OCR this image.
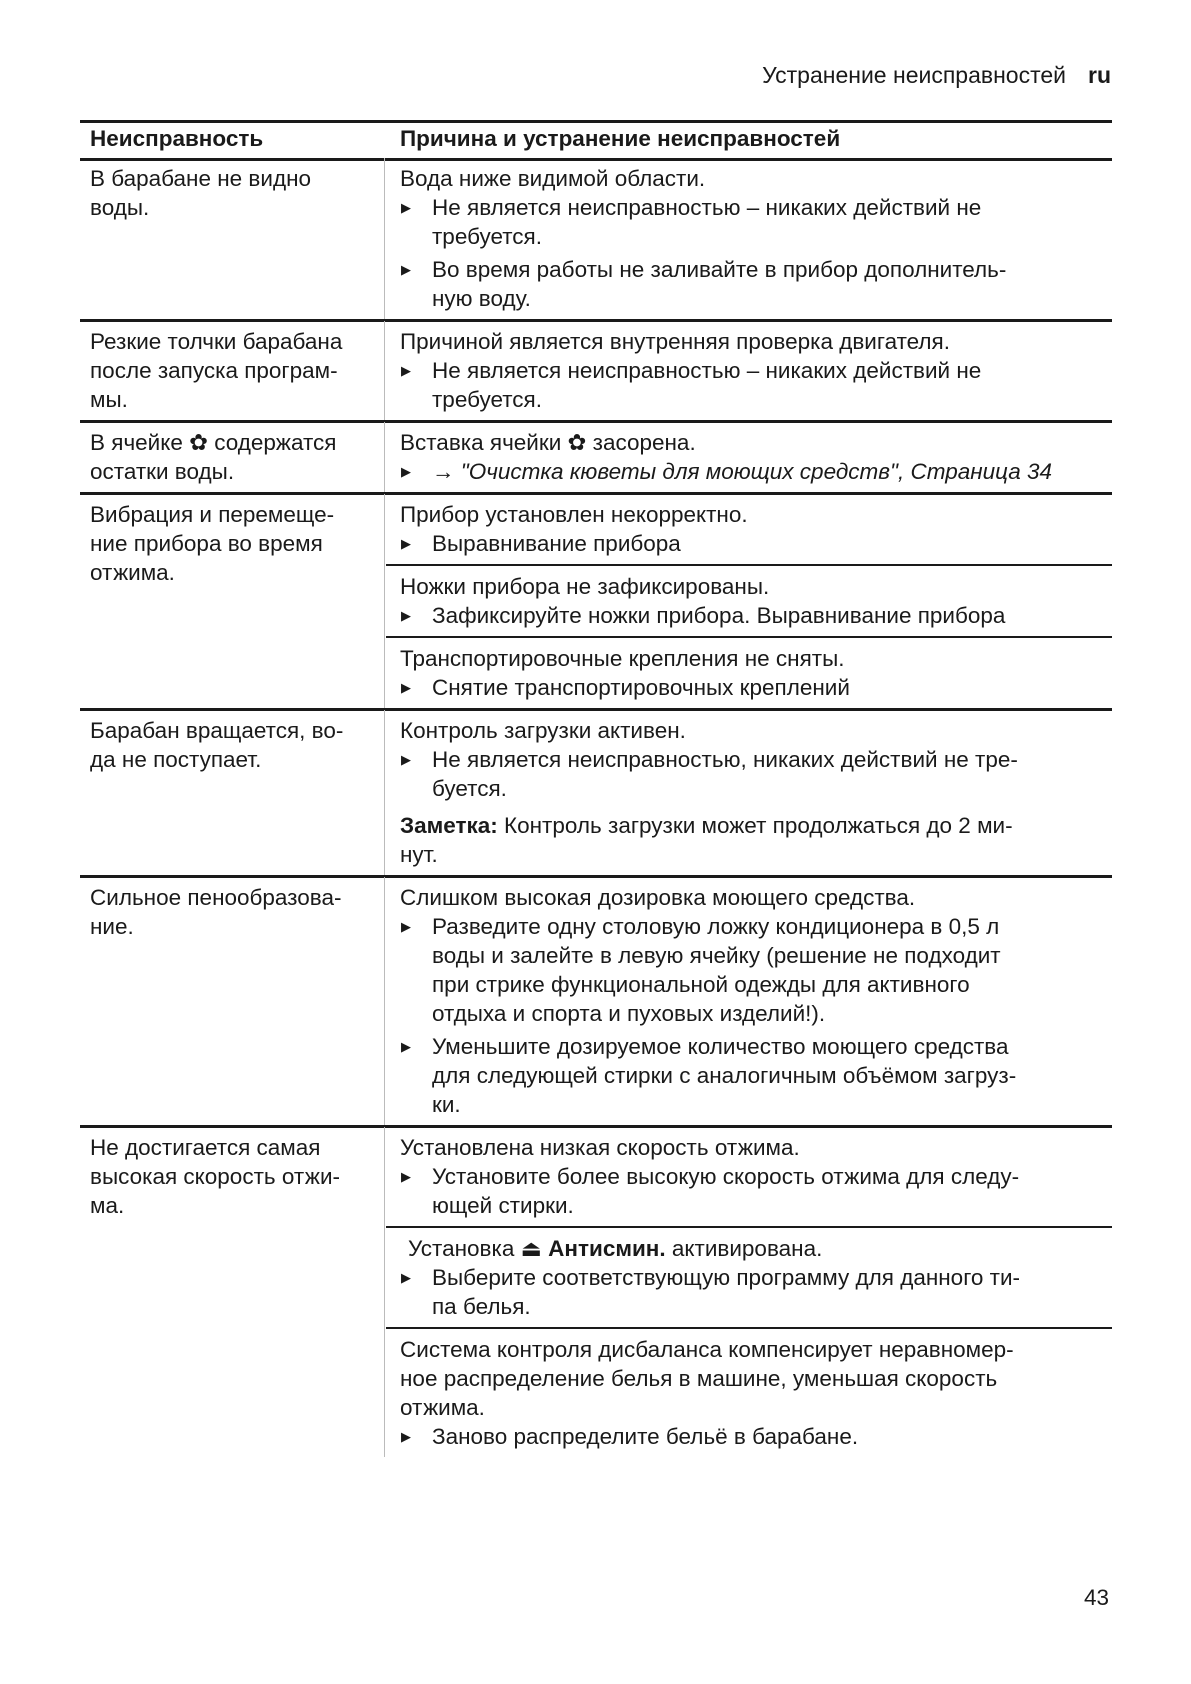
Устранение неисправностей ru
Неисправность	Причина и устранение неисправностей
В барабане не видно
воды.
Вода ниже видимой области.
▶ Не является неисправностью – никаких действий не
требуется.
▶ Во время работы не заливайте в прибор дополнитель-
ную воду.
Резкие толчки барабана
после запуска програм-
мы.
Причиной является внутренняя проверка двигателя.
▶ Не является неисправностью – никаких действий не
требуется.
В ячейке ✿ содержатся
остатки воды.
Вставка ячейки ✿ засорена.
▶ → "Очистка кюветы для моющих средств", Страница 34
Вибрация и перемеще-
ние прибора во время
отжима.
Прибор установлен некорректно.
▶ Выравнивание прибора
Ножки прибора не зафиксированы.
▶ Зафиксируйте ножки прибора. Выравнивание прибора
Транспортировочные крепления не сняты.
▶ Снятие транспортировочных креплений
Барабан вращается, во-
да не поступает.
Контроль загрузки активен.
▶ Не является неисправностью, никаких действий не тре-
буется.
Заметка: Контроль загрузки может продолжаться до 2 ми-
нут.
Сильное пенообразова-
ние.
Слишком высокая дозировка моющего средства.
▶ Разведите одну столовую ложку кондиционера в 0,5 л
воды и залейте в левую ячейку (решение не подходит
при стрике функциональной одежды для активного
отдыха и спорта и пуховых изделий!).
▶ Уменьшите дозируемое количество моющего средства
для следующей стирки с аналогичным объёмом загруз-
ки.
Не достигается самая
высокая скорость отжи-
ма.
Установлена низкая скорость отжима.
▶ Установите более высокую скорость отжима для следу-
ющей стирки.
Установка ⏏ Антисмин. активирована.
▶ Выберите соответствующую программу для данного ти-
па белья.
Система контроля дисбаланса компенсирует неравномер-
ное распределение белья в машине, уменьшая скорость
отжима.
▶ Заново распределите бельё в барабане.
43
